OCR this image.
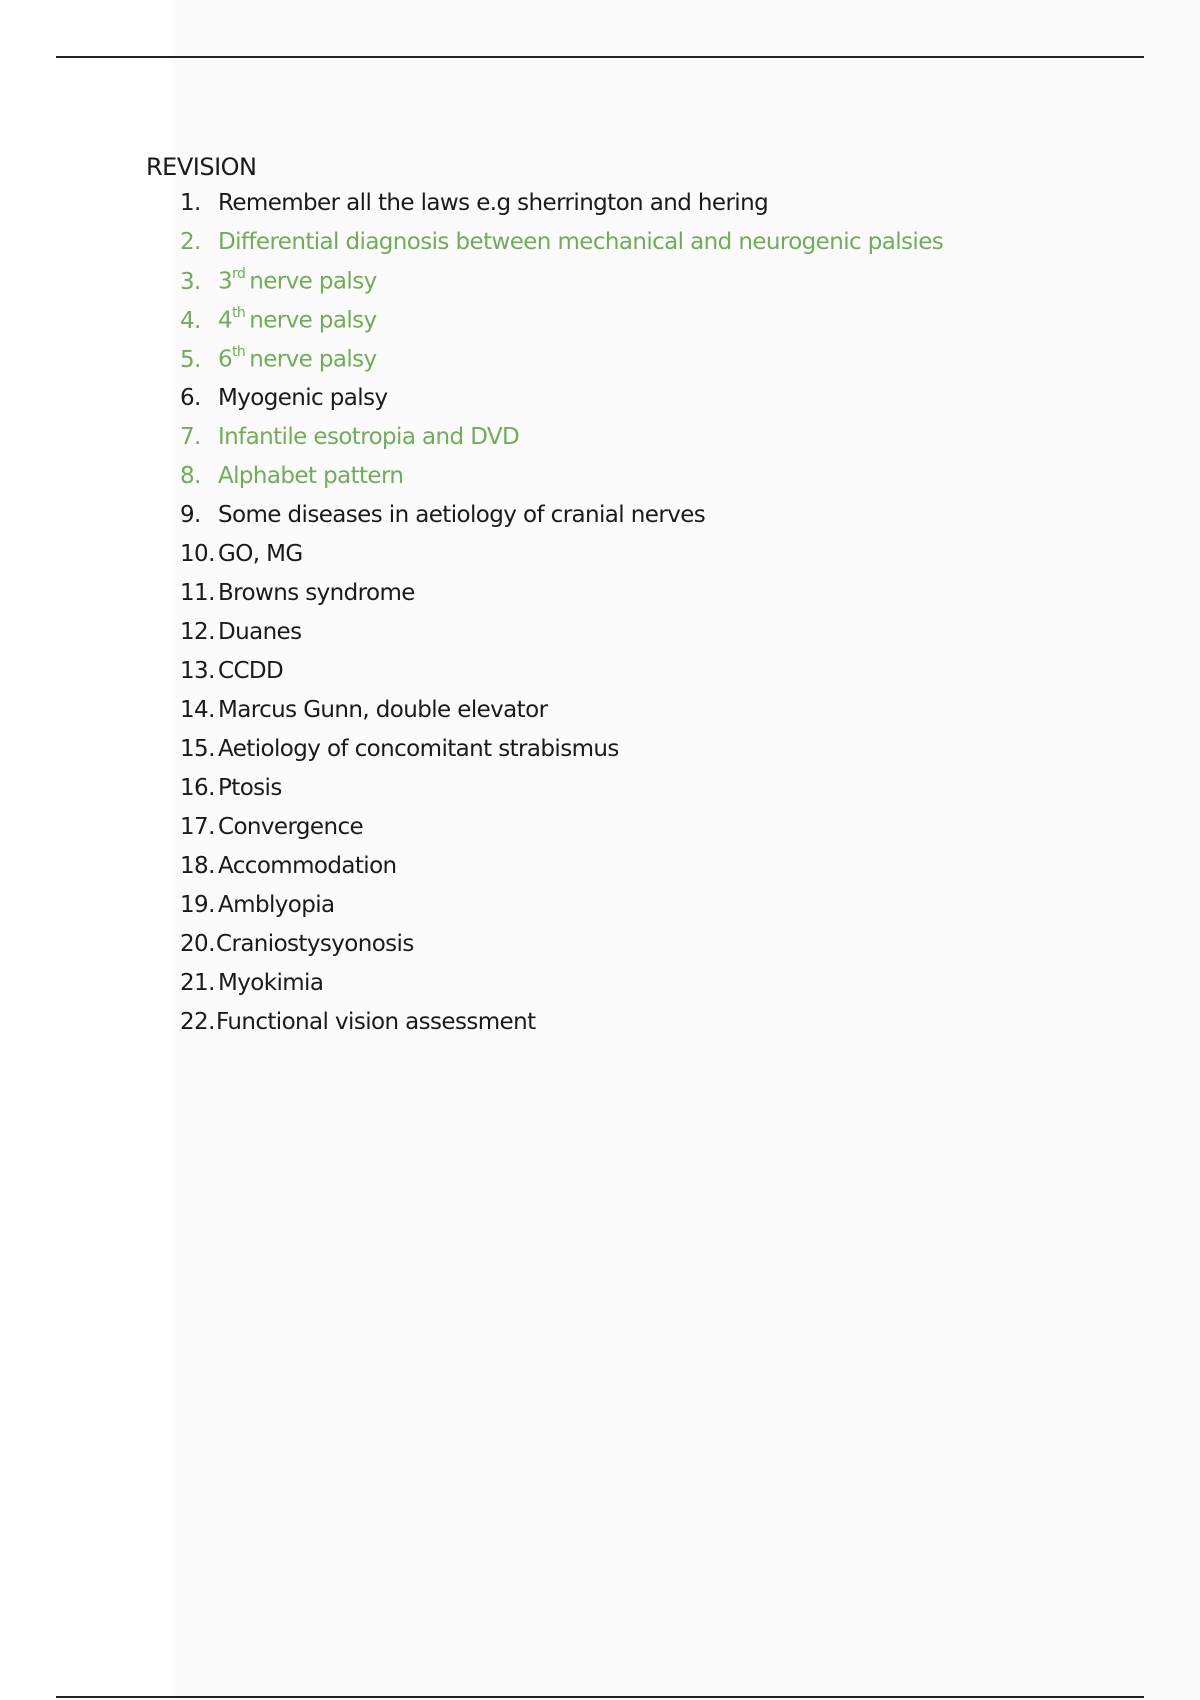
REVISION
1. Remember all the laws e.g sherrington and hering
2. Differential diagnosis between mechanical and neurogenic palsies
3. 3rd nerve palsy
4. 4th nerve palsy
5. 6th nerve palsy
6. Myogenic palsy
7. Infantile esotropia and DVD
8. Alphabet pattern
9. Some diseases in aetiology of cranial nerves
10. GO, MG
11. Browns syndrome
12. Duanes
13. CCDD
14. Marcus Gunn, double elevator
15. Aetiology of concomitant strabismus
16. Ptosis
17. Convergence
18. Accommodation
19. Amblyopia
20. Craniostysyonosis
21. Myokimia
22. Functional vision assessment
